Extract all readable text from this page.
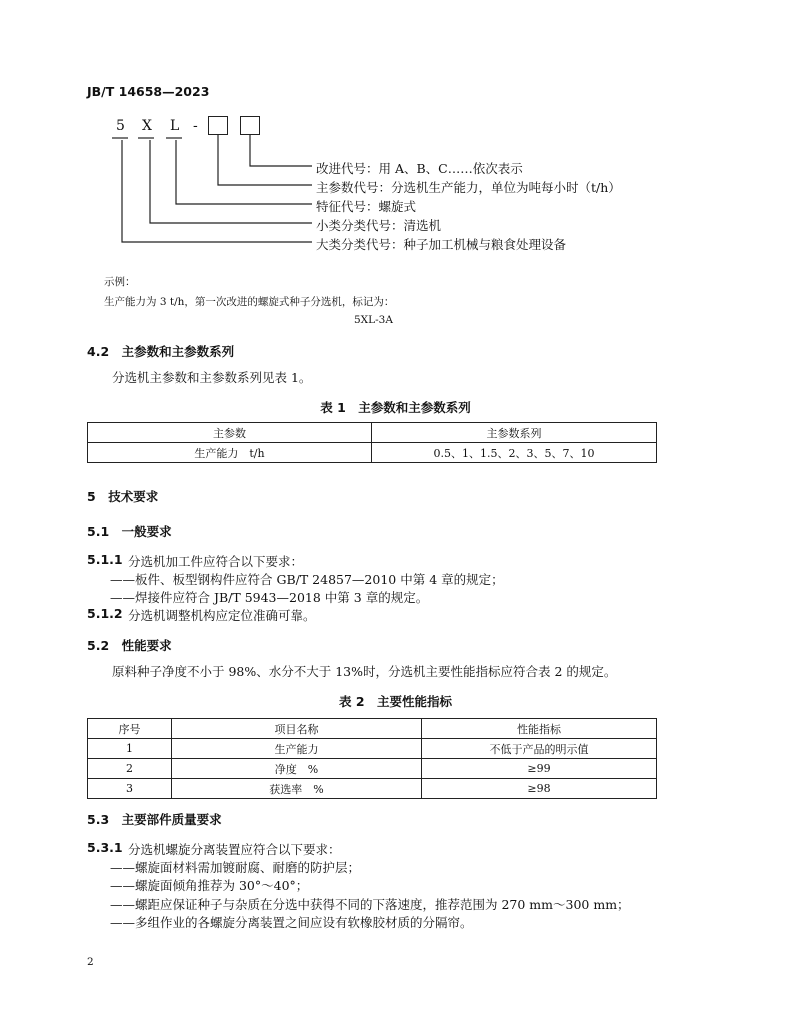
JB/T 14658—2023
5 X L -
改进代号：用 A、B、C……依次表示
主参数代号：分选机生产能力，单位为吨每小时（t/h）
特征代号：螺旋式
小类分类代号：清选机
大类分类代号：种子加工机械与粮食处理设备
示例：
生产能力为 3 t/h，第一次改进的螺旋式种子分选机，标记为：
5XL-3A
4.2　主参数和主参数系列
分选机主参数和主参数系列见表 1。
表 1　主参数和主参数系列
主参数	主参数系列
生产能力　t/h	0.5、1、1.5、2、3、5、7、10
5　技术要求
5.1　一般要求
5.1.1 分选机加工件应符合以下要求：
——板件、板型钢构件应符合 GB/T 24857—2010 中第 4 章的规定；
——焊接件应符合 JB/T 5943—2018 中第 3 章的规定。
5.1.2 分选机调整机构应定位准确可靠。
5.2　性能要求
原料种子净度不小于 98%、水分不大于 13%时，分选机主要性能指标应符合表 2 的规定。
表 2　主要性能指标
序号	项目名称	性能指标
1	生产能力	不低于产品的明示值
2	净度　%	≥99
3	获选率　%	≥98
5.3　主要部件质量要求
5.3.1 分选机螺旋分离装置应符合以下要求：
——螺旋面材料需加镀耐腐、耐磨的防护层；
——螺旋面倾角推荐为 30°～40°；
——螺距应保证种子与杂质在分选中获得不同的下落速度，推荐范围为 270 mm～300 mm；
——多组作业的各螺旋分离装置之间应设有软橡胶材质的分隔帘。
2
